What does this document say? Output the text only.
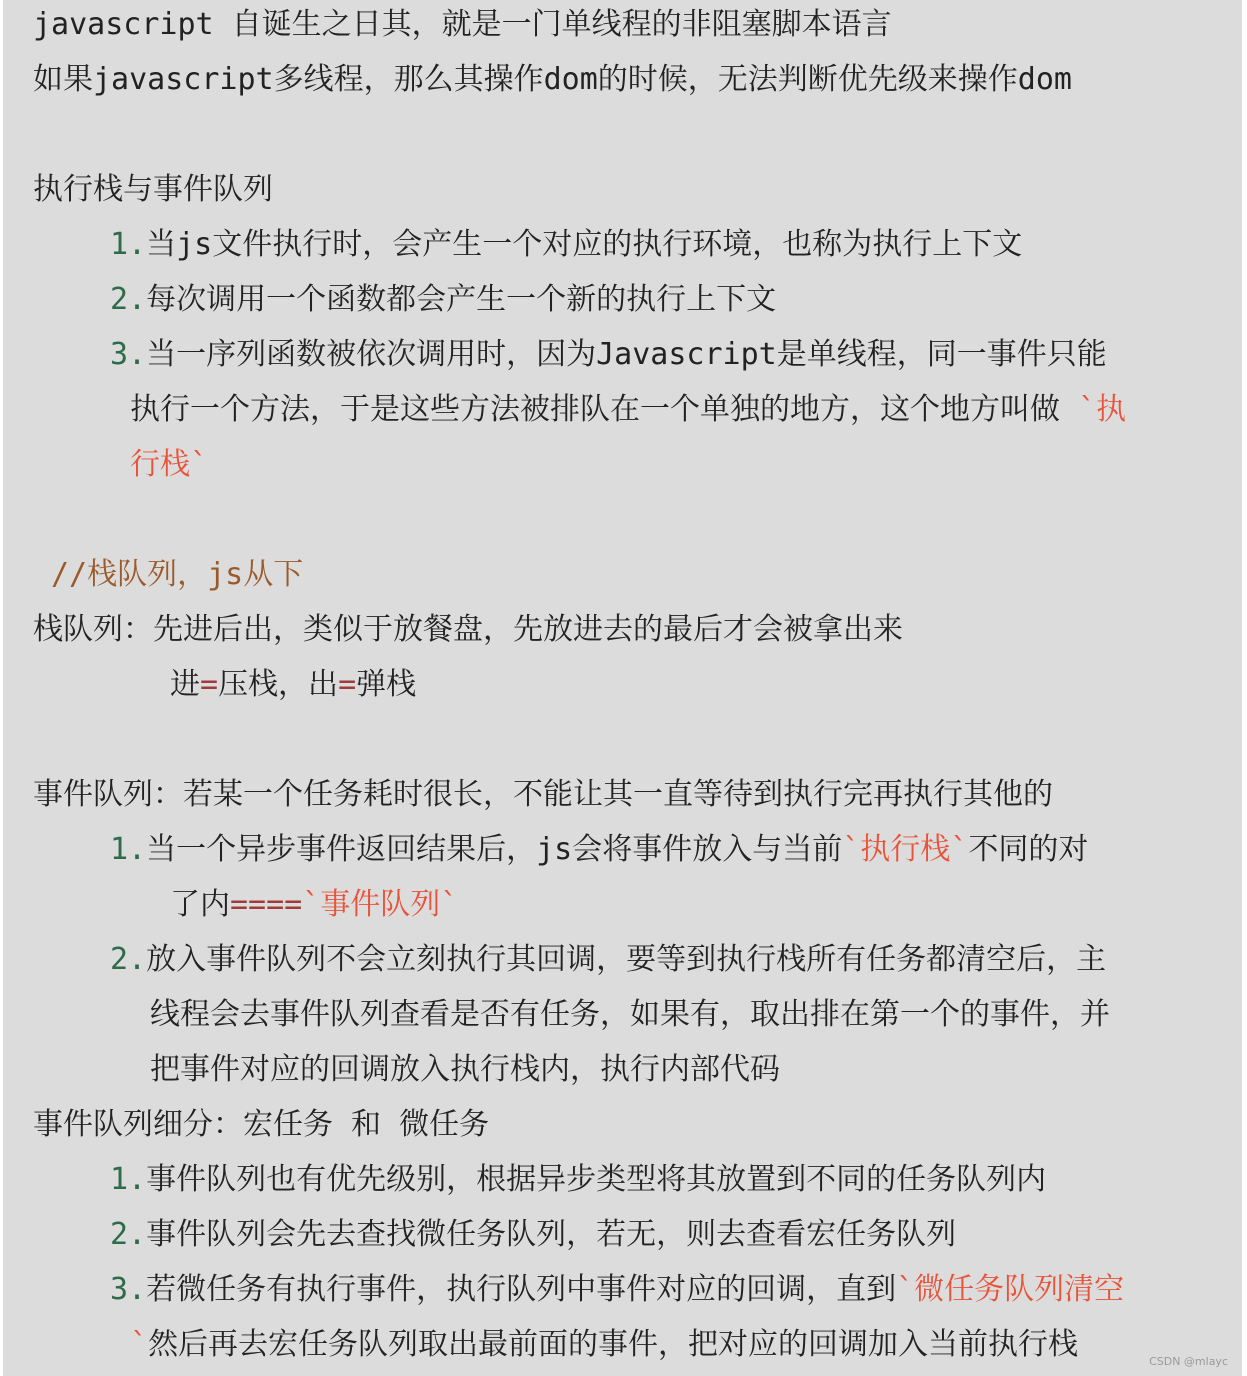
javascript 自诞生之日其，就是一门单线程的非阻塞脚本语言
如果javascript多线程，那么其操作dom的时候，无法判断优先级来操作dom
执行栈与事件队列
1.当js文件执行时，会产生一个对应的执行环境，也称为执行上下文
2.每次调用一个函数都会产生一个新的执行上下文
3.当一序列函数被依次调用时，因为Javascript是单线程，同一事件只能
执行一个方法，于是这些方法被排队在一个单独的地方，这个地方叫做 `执
行栈`
//栈队列，js从下
栈队列：先进后出，类似于放餐盘，先放进去的最后才会被拿出来
进=压栈，出=弹栈
事件队列：若某一个任务耗时很长，不能让其一直等待到执行完再执行其他的
1.当一个异步事件返回结果后，js会将事件放入与当前`执行栈`不同的对
了内====`事件队列`
2.放入事件队列不会立刻执行其回调，要等到执行栈所有任务都清空后，主
线程会去事件队列查看是否有任务，如果有，取出排在第一个的事件，并
把事件对应的回调放入执行栈内，执行内部代码
事件队列细分：宏任务 和 微任务
1.事件队列也有优先级别，根据异步类型将其放置到不同的任务队列内
2.事件队列会先去查找微任务队列，若无，则去查看宏任务队列
3.若微任务有执行事件，执行队列中事件对应的回调，直到`微任务队列清空
`然后再去宏任务队列取出最前面的事件，把对应的回调加入当前执行栈	CSDN @mlayc
